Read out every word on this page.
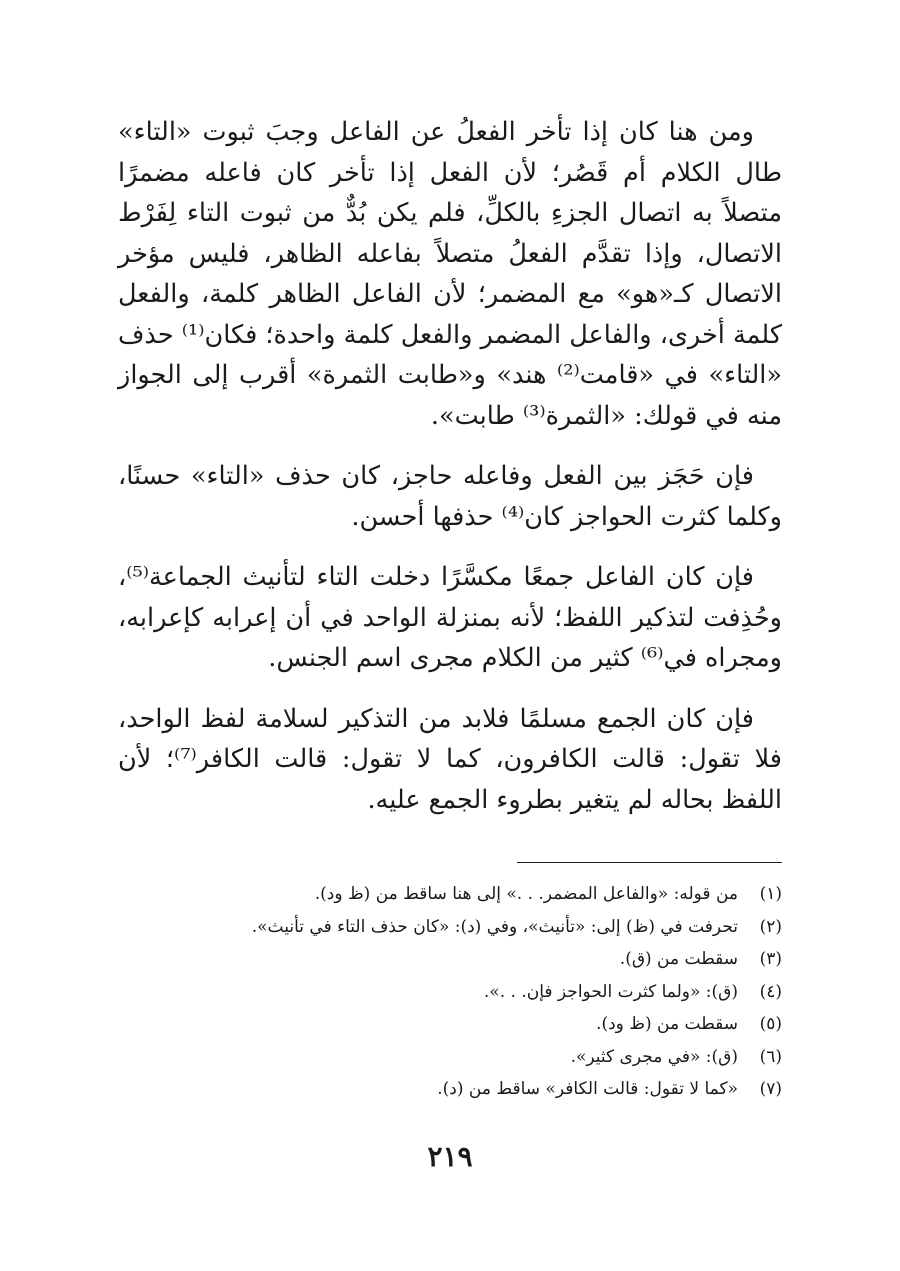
ومن هنا كان إذا تأخر الفعلُ عن الفاعل وجبَ ثبوت «التاء» طال الكلام أم قَصُر؛ لأن الفعل إذا تأخر كان فاعله مضمرًا متصلاً به اتصال الجزءِ بالكلِّ، فلم يكن بُدٌّ من ثبوت التاء لِفَرْط الاتصال، وإذا تقدَّم الفعلُ متصلاً بفاعله الظاهر، فليس مؤخر الاتصال كـ«هو» مع المضمر؛ لأن الفاعل الظاهر كلمة، والفعل كلمة أخرى، والفاعل المضمر والفعل كلمة واحدة؛ فكان⁽¹⁾ حذف «التاء» في «قامت⁽²⁾ هند» و«طابت الثمرة» أقرب إلى الجواز منه في قولك: «الثمرة⁽³⁾ طابت».

فإن حَجَز بين الفعل وفاعله حاجز، كان حذف «التاء» حسنًا، وكلما كثرت الحواجز كان⁽⁴⁾ حذفها أحسن.

فإن كان الفاعل جمعًا مكسَّرًا دخلت التاء لتأنيث الجماعة⁽⁵⁾، وحُذِفت لتذكير اللفظ؛ لأنه بمنزلة الواحد في أن إعرابه كإعرابه، ومجراه في⁽⁶⁾ كثير من الكلام مجرى اسم الجنس.

فإن كان الجمع مسلمًا فلابد من التذكير لسلامة لفظ الواحد، فلا تقول: قالت الكافرون، كما لا تقول: قالت الكافر⁽⁷⁾؛ لأن اللفظ بحاله لم يتغير بطروء الجمع عليه.

(١)
من قوله: «والفاعل المضمر. . .» إلى هنا ساقط من (ظ ود).
(٢)
تحرفت في (ظ) إلى: «تأنيث»، وفي (د): «كان حذف التاء في تأنيث».
(٣)
سقطت من (ق).
(٤)
(ق): «ولما كثرت الحواجز فإن. . .».
(٥)
سقطت من (ظ ود).
(٦)
(ق): «في مجرى كثير».
(٧)
«كما لا تقول: قالت الكافر» ساقط من (د).
٢١٩
